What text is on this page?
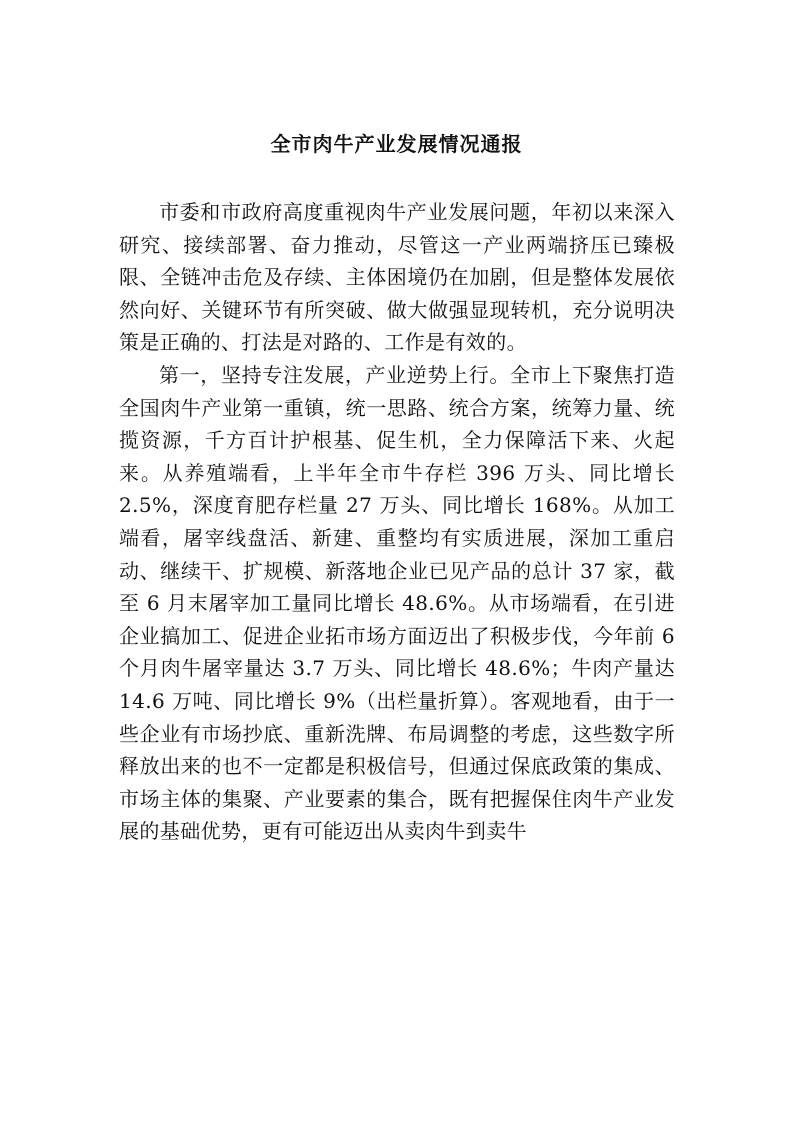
全市肉牛产业发展情况通报

市委和市政府高度重视肉牛产业发展问题，年初以来深入研究、接续部署、奋力推动，尽管这一产业两端挤压已臻极限、全链冲击危及存续、主体困境仍在加剧，但是整体发展依然向好、关键环节有所突破、做大做强显现转机，充分说明决策是正确的、打法是对路的、工作是有效的。

第一，坚持专注发展，产业逆势上行。全市上下聚焦打造全国肉牛产业第一重镇，统一思路、统合方案，统筹力量、统揽资源，千方百计护根基、促生机，全力保障活下来、火起来。从养殖端看，上半年全市牛存栏 396 万头、同比增长 2.5%，深度育肥存栏量 27 万头、同比增长 168%。从加工端看，屠宰线盘活、新建、重整均有实质进展，深加工重启动、继续干、扩规模、新落地企业已见产品的总计 37 家，截至 6 月末屠宰加工量同比增长 48.6%。从市场端看，在引进企业搞加工、促进企业拓市场方面迈出了积极步伐，今年前 6 个月肉牛屠宰量达 3.7 万头、同比增长 48.6%；牛肉产量达 14.6 万吨、同比增长 9%（出栏量折算）。客观地看，由于一些企业有市场抄底、重新洗牌、布局调整的考虑，这些数字所释放出来的也不一定都是积极信号，但通过保底政策的集成、市场主体的集聚、产业要素的集合，既有把握保住肉牛产业发展的基础优势，更有可能迈出从卖肉牛到卖牛
